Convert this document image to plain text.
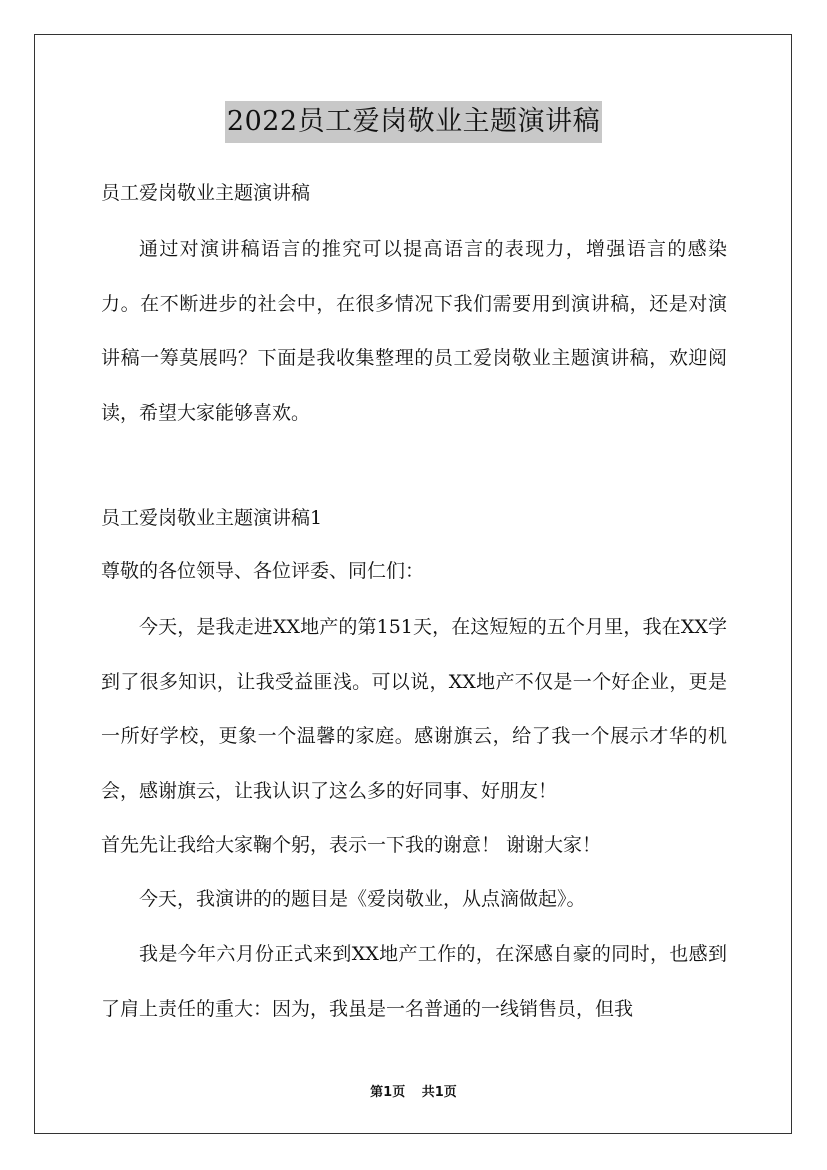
2022员工爱岗敬业主题演讲稿

员工爱岗敬业主题演讲稿

通过对演讲稿语言的推究可以提高语言的表现力，增强语言的感染力。在不断进步的社会中，在很多情况下我们需要用到演讲稿，还是对演讲稿一筹莫展吗？下面是我收集整理的员工爱岗敬业主题演讲稿，欢迎阅读，希望大家能够喜欢。

员工爱岗敬业主题演讲稿1

尊敬的各位领导、各位评委、同仁们：

今天，是我走进XX地产的第151天，在这短短的五个月里，我在XX学到了很多知识，让我受益匪浅。可以说，XX地产不仅是一个好企业，更是一所好学校，更象一个温馨的家庭。感谢旗云，给了我一个展示才华的机会，感谢旗云，让我认识了这么多的好同事、好朋友！

首先先让我给大家鞠个躬，表示一下我的谢意！ 谢谢大家！

今天，我演讲的的题目是《爱岗敬业，从点滴做起》。

我是今年六月份正式来到XX地产工作的，在深感自豪的同时，也感到了肩上责任的重大：因为，我虽是一名普通的一线销售员，但我

第1页 共1页
